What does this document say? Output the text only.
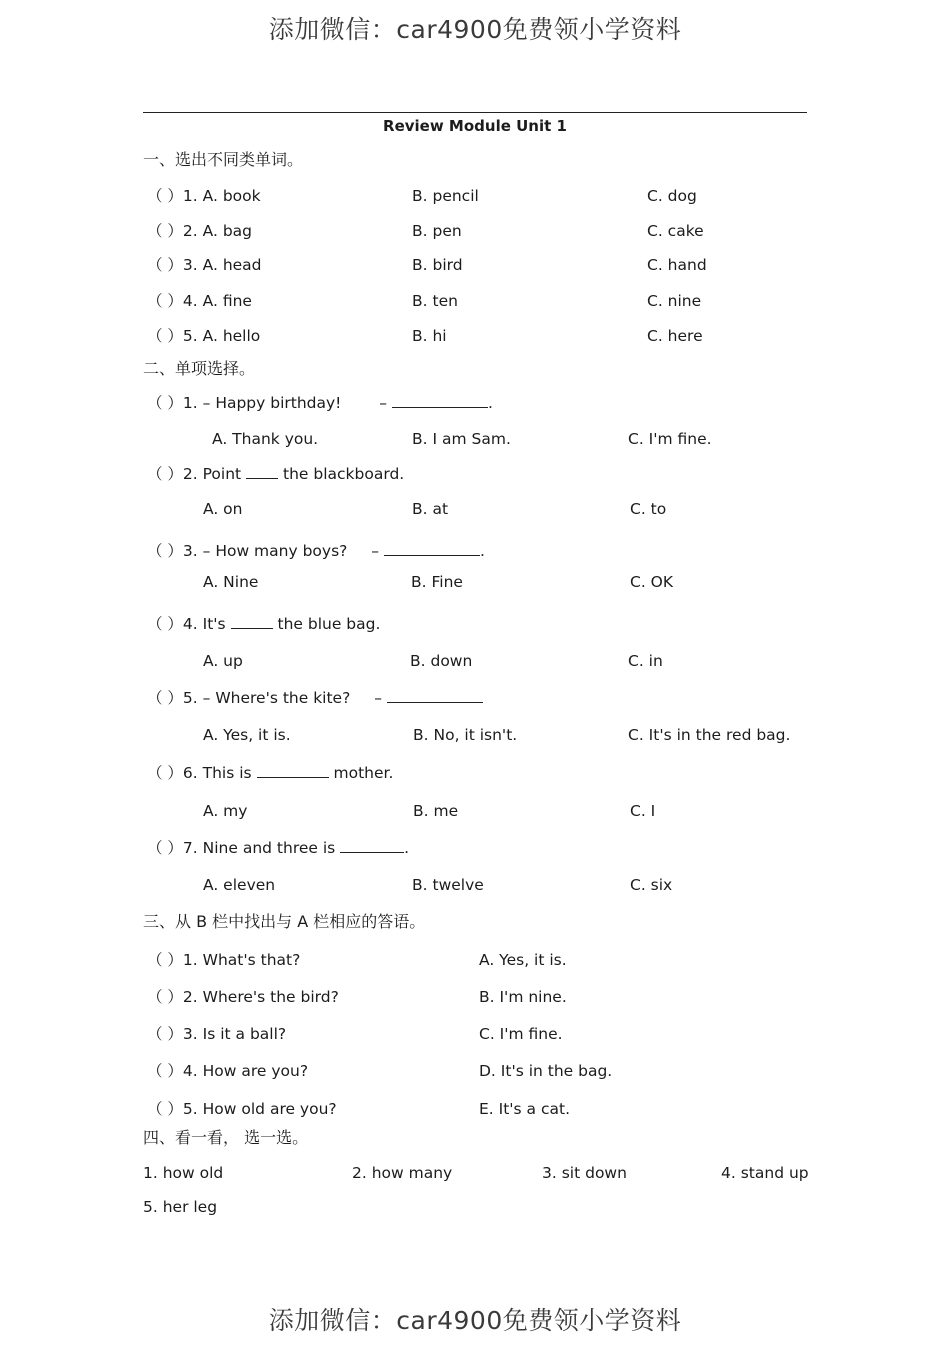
添加微信：car4900免费领小学资料
Review Module Unit 1
一、选出不同类单词。
（ ）1. A. book	B. pencil	C. dog
（ ）2. A. bag	B. pen	C. cake
（ ）3. A. head	B. bird	C. hand
（ ）4. A. fine	B. ten	C. nine
（ ）5. A. hello	B. hi	C. here
二、单项选择。
（ ）1. – Happy birthday! –	.
A. Thank you.	B. I am Sam.	C. I'm fine.
（ ）2. Point	the blackboard.
A. on	B. at	C. to
（ ）3. – How many boys? –	.
A. Nine	B. Fine	C. OK
（ ）4. It's	the blue bag.
A. up	B. down	C. in
（ ）5. – Where's the kite? –
A. Yes, it is.	B. No, it isn't.	C. It's in the red bag.
（ ）6. This is	mother.
A. my	B. me	C. I
（ ）7. Nine and three is	.
A. eleven	B. twelve	C. six
三、从 B 栏中找出与 A 栏相应的答语。
（ ）1. What's that?	A. Yes, it is.
（ ）2. Where's the bird?	B. I'm nine.
（ ）3. Is it a ball?	C. I'm fine.
（ ）4. How are you?	D. It's in the bag.
（ ）5. How old are you?	E. It's a cat.
四、看一看， 选一选。
1. how old	2. how many	3. sit down	4. stand up
5. her leg
添加微信：car4900免费领小学资料
